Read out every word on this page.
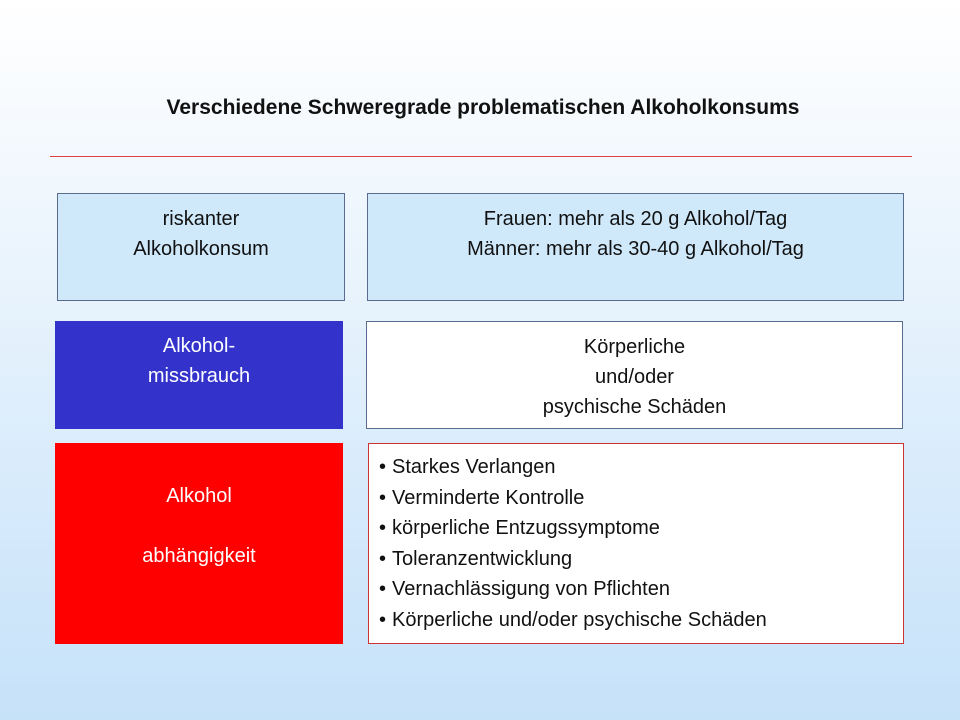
Verschiedene Schweregrade problematischen Alkoholkonsums
riskanter
Alkoholkonsum
Frauen: mehr als 20 g Alkohol/Tag
Männer: mehr als 30-40 g Alkohol/Tag
Alkohol-
missbrauch
Körperliche
und/oder
psychische Schäden
Alkohol
abhängigkeit
• Starkes Verlangen
• Verminderte Kontrolle
• körperliche Entzugssymptome
• Toleranzentwicklung
• Vernachlässigung von Pflichten
• Körperliche und/oder psychische Schäden
